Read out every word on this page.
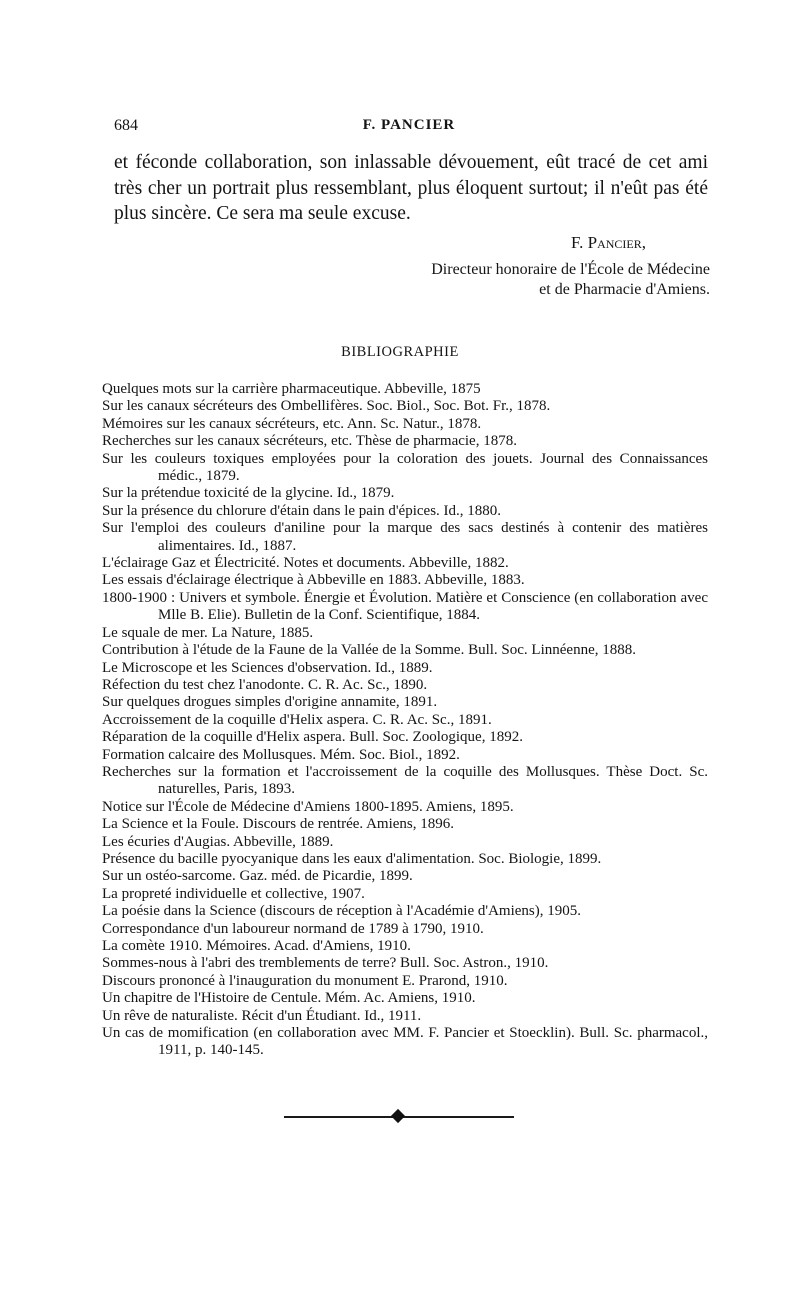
684	F. PANCIER

et féconde collaboration, son inlassable dévouement, eût tracé de cet ami très cher un portrait plus ressemblant, plus éloquent surtout; il n'eût pas été plus sincère. Ce sera ma seule excuse.

F. Pancier,
Directeur honoraire de l'École de Médecine
et de Pharmacie d'Amiens.
BIBLIOGRAPHIE
Quelques mots sur la carrière pharmaceutique. Abbeville, 1875
Sur les canaux sécréteurs des Ombellifères. Soc. Biol., Soc. Bot. Fr., 1878.
Mémoires sur les canaux sécréteurs, etc. Ann. Sc. Natur., 1878.
Recherches sur les canaux sécréteurs, etc. Thèse de pharmacie, 1878.
Sur les couleurs toxiques employées pour la coloration des jouets. Journal des Connaissances médic., 1879.
Sur la prétendue toxicité de la glycine. Id., 1879.
Sur la présence du chlorure d'étain dans le pain d'épices. Id., 1880.
Sur l'emploi des couleurs d'aniline pour la marque des sacs destinés à contenir des matières alimentaires. Id., 1887.
L'éclairage Gaz et Électricité. Notes et documents. Abbeville, 1882.
Les essais d'éclairage électrique à Abbeville en 1883. Abbeville, 1883.
1800-1900 : Univers et symbole. Énergie et Évolution. Matière et Conscience (en collaboration avec Mlle B. Elie). Bulletin de la Conf. Scientifique, 1884.
Le squale de mer. La Nature, 1885.
Contribution à l'étude de la Faune de la Vallée de la Somme. Bull. Soc. Linnéenne, 1888.
Le Microscope et les Sciences d'observation. Id., 1889.
Réfection du test chez l'anodonte. C. R. Ac. Sc., 1890.
Sur quelques drogues simples d'origine annamite, 1891.
Accroissement de la coquille d'Helix aspera. C. R. Ac. Sc., 1891.
Réparation de la coquille d'Helix aspera. Bull. Soc. Zoologique, 1892.
Formation calcaire des Mollusques. Mém. Soc. Biol., 1892.
Recherches sur la formation et l'accroissement de la coquille des Mollusques. Thèse Doct. Sc. naturelles, Paris, 1893.
Notice sur l'École de Médecine d'Amiens 1800-1895. Amiens, 1895.
La Science et la Foule. Discours de rentrée. Amiens, 1896.
Les écuries d'Augias. Abbeville, 1889.
Présence du bacille pyocyanique dans les eaux d'alimentation. Soc. Biologie, 1899.
Sur un ostéo-sarcome. Gaz. méd. de Picardie, 1899.
La propreté individuelle et collective, 1907.
La poésie dans la Science (discours de réception à l'Académie d'Amiens), 1905.
Correspondance d'un laboureur normand de 1789 à 1790, 1910.
La comète 1910. Mémoires. Acad. d'Amiens, 1910.
Sommes-nous à l'abri des tremblements de terre? Bull. Soc. Astron., 1910.
Discours prononcé à l'inauguration du monument E. Prarond, 1910.
Un chapitre de l'Histoire de Centule. Mém. Ac. Amiens, 1910.
Un rêve de naturaliste. Récit d'un Étudiant. Id., 1911.
Un cas de momification (en collaboration avec MM. F. Pancier et Stoecklin). Bull. Sc. pharmacol., 1911, p. 140-145.
